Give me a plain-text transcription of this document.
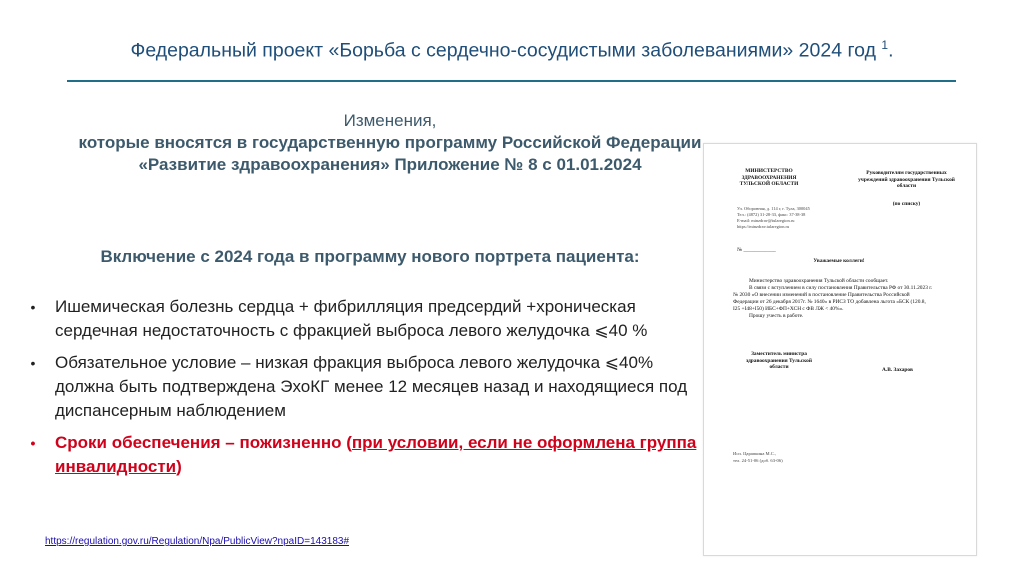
Федеральный проект «Борьба с сердечно-сосудистыми заболеваниями» 2024 год $^1$.
Изменения,
которые вносятся в государственную программу Российской Федерации «Развитие здравоохранения» Приложение № 8 с 01.01.2024
Включение с 2024 года в программу нового портрета пациента:
• Ишемическая болезнь сердца + фибрилляция предсердий +хроническая сердечная недостаточность с фракцией выброса левого желудочка ⩽40 %
• Обязательное условие – низкая фракция выброса левого желудочка ⩽40% должна быть подтверждена ЭхоКГ менее 12 месяцев назад и находящиеся под диспансерным наблюдением
• Сроки обеспечения – пожизненно (при условии, если не оформлена группа инвалидности)
https://regulation.gov.ru/Regulation/Npa/PublicView?npaID=143183#
МИНИСТЕРСТВО
ЗДРАВООХРАНЕНИЯ
ТУЛЬСКОЙ ОБЛАСТИ
Ул. Оборонная, д. 114 г, г. Тула, 300045
Тел.: (4872) 31-28-33, факс: 37-38-38
E-mail: minzdrav@tularegion.ru
https://minzdrav.tularegion.ru
Руководителям государственных
учреждений здравоохранения Тульской
области
(по списку)
№ ____________
Уважаемые коллеги!
Министерство здравоохранения Тульской области сообщает.
В связи с вступлением в силу постановления Правительства РФ от 30.11.2023 г.
№ 2030 «О внесении изменений в постановление Правительства Российской
Федерации от 26 декабря 2017г. № 1640» в РИСЗ ТО добавлена льгота «БСК (120.8,
I25 +I48+I50) ИБС+ФП+ХСН с ФВ ЛЖ < 40%».
Прошу учесть в работе.
Заместитель министра
здравоохранения Тульской
области	А.В. Захаров
Исп. Царапкина М.С.,
тел. 24-51-06 (доб. 63-06)
